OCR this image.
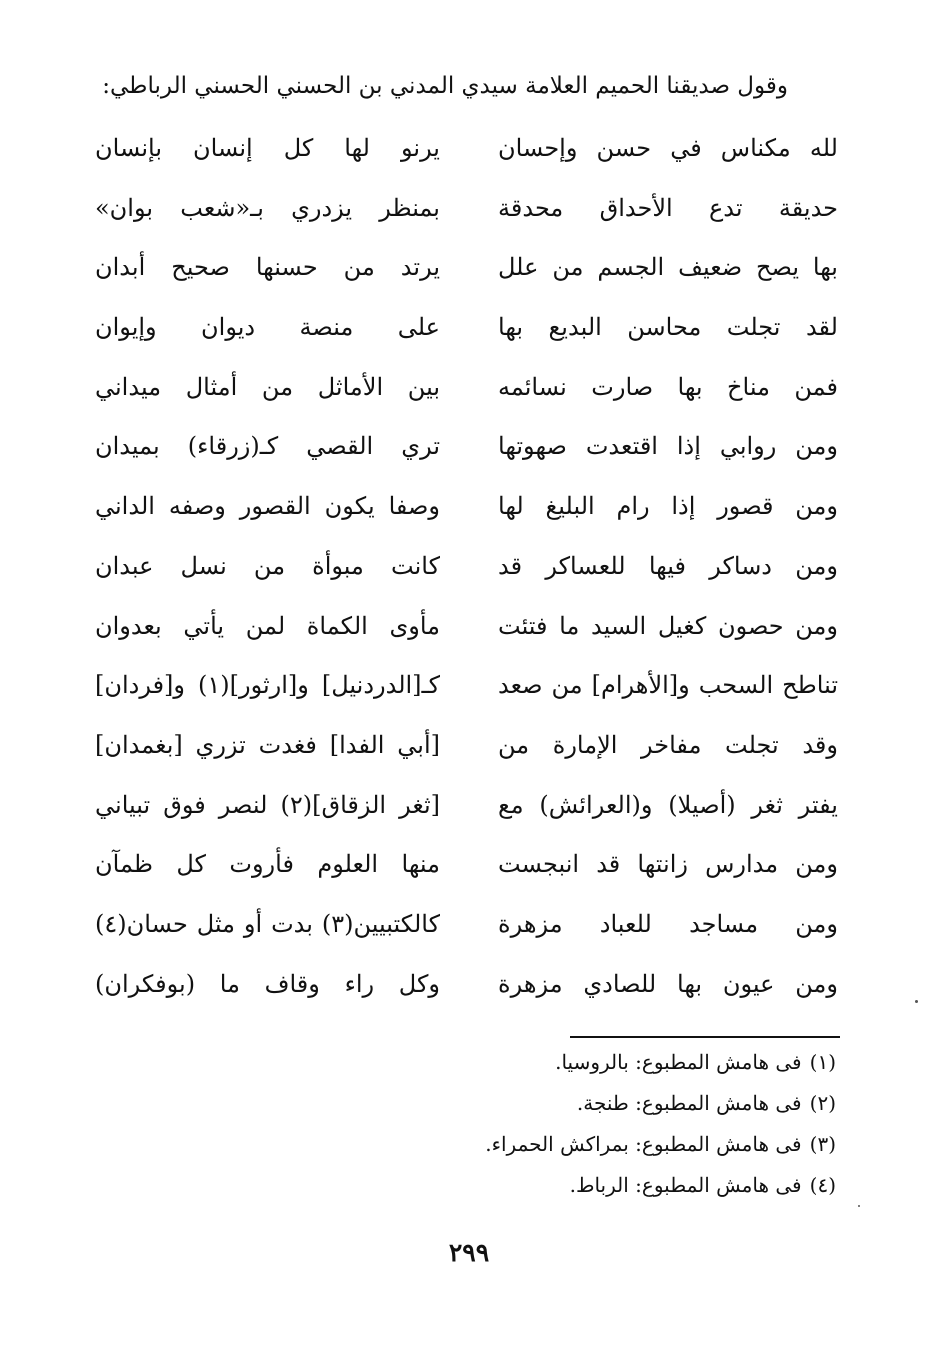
وقول صديقنا الحميم العلامة سيدي المدني بن الحسني الحسني الرباطي:
لله مكناس في حسن وإحسان
حديقة تدع الأحداق محدقة
بها يصح ضعيف الجسم من علل
لقد تجلت محاسن البديع بها
فمن مناخ بها صارت نسائمه
ومن روابي إذا اقتعدت صهوتها
ومن قصور إذا رام البليغ لها
ومن دساكر فيها للعساكر قد
ومن حصون كغيل السيد ما فتئت
تناطح السحب و[الأهرام] من صعد
وقد تجلت مفاخر الإمارة من
يفتر ثغر (أصيلا) و(العرائش) مع
ومن مدارس زانتها قد انبجست
ومن مساجد للعباد مزهرة
ومن عيون بها للصادي مزهرة
يرنو لها كل إنسان بإنسان
بمنظر يزدري بـ«شعب بوان»
يرتد من حسنها صحيح أبدان
على منصة ديوان وإيوان
بين الأماثل من أمثال ميداني
تري القصي كـ(زرقاء) بميدان
وصفا يكون القصور وصفه الداني
كانت مبوأة من نسل عبدان
مأوى الكماة لمن يأتي بعدوان
كـ[الدردنيل] و[ارثور](١) و[فردان]
[أبي الفدا] فغدت تزري [بغمدان]
[ثغر الزقاق](٢) لنصر فوق تبياني
منها العلوم فأروت كل ظمآن
كالكتبيين(٣) بدت أو مثل حسان(٤)
وكل راء وقاف ما (بوفكران)
(١)فى هامش المطبوع: بالروسيا.
(٢)فى هامش المطبوع: طنجة.
(٣)فى هامش المطبوع: بمراكش الحمراء.
(٤)فى هامش المطبوع: الرباط.
٢٩٩
